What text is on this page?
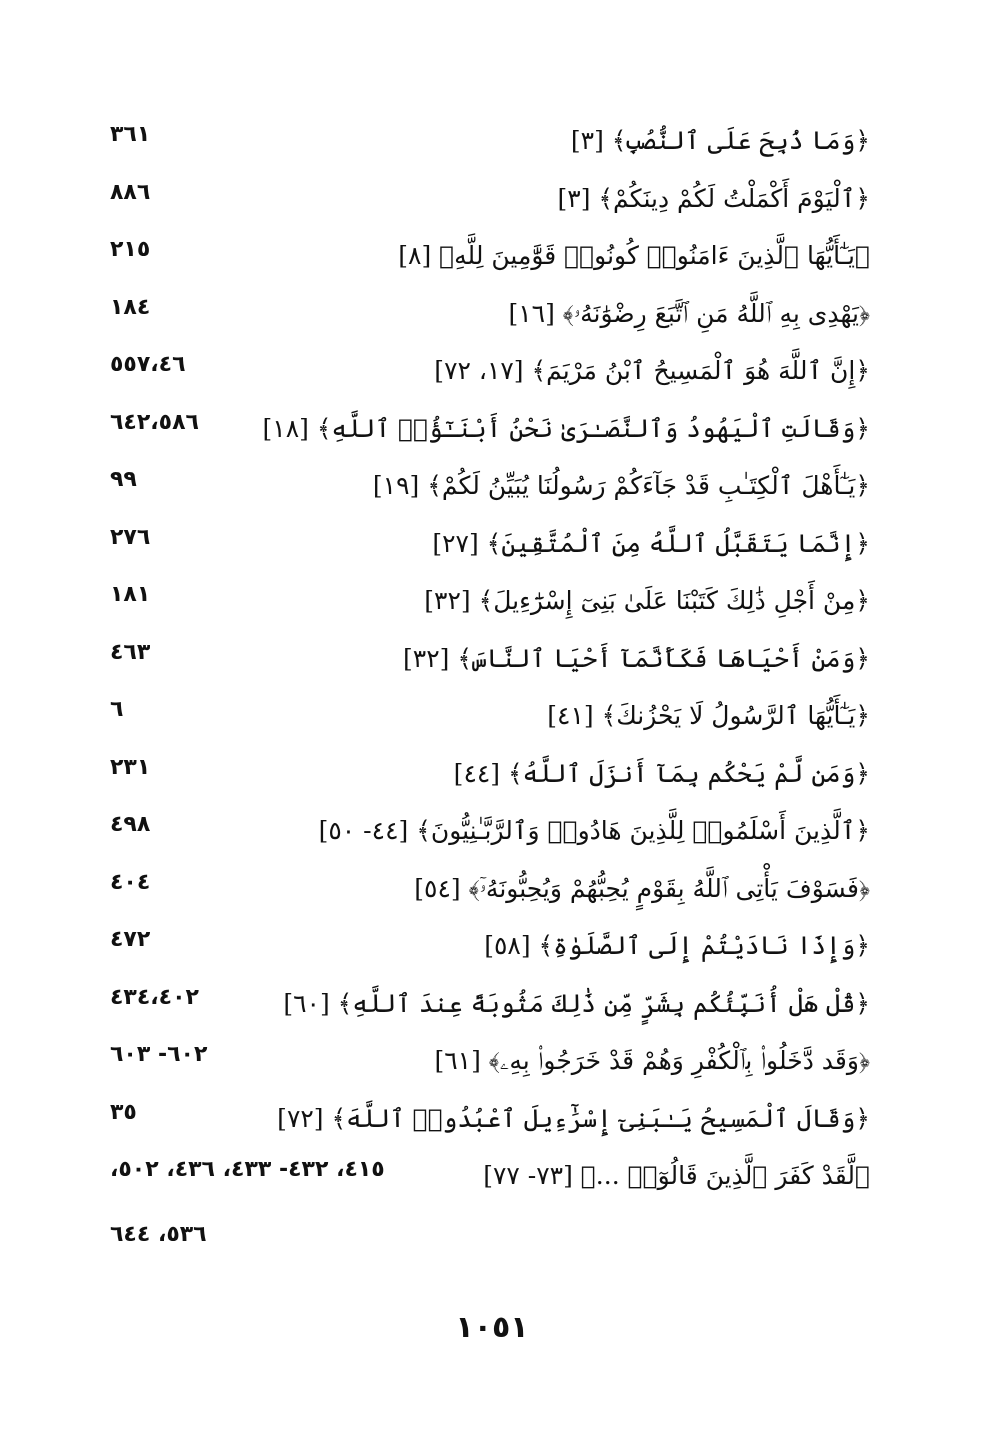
﴿وَمَا ذُبِحَ عَلَى ٱلنُّصُبِ﴾ [٣]
٣٦١
﴿ٱلْيَوْمَ أَكْمَلْتُ لَكُمْ دِينَكُمْ﴾ [٣]
٨٨٦
﴿يَـٰٓأَيُّهَا ٱلَّذِينَ ءَامَنُوا۟ كُونُوا۟ قَوَّٰمِينَ لِلَّهِ﴾ [٨]
٢١٥
﴿يَهْدِى بِهِ ٱللَّهُ مَنِ ٱتَّبَعَ رِضْوَٰنَهُۥ﴾ [١٦]
١٨٤
﴿إِنَّ ٱللَّهَ هُوَ ٱلْمَسِيحُ ٱبْنُ مَرْيَمَ﴾ [١٧، ٧٢]
٥٥٧،٤٦
﴿وَقَالَتِ ٱلْيَهُودُ وَٱلنَّصَـٰرَىٰ نَحْنُ أَبْنَـٰٓؤُا۟ ٱللَّهِ﴾ [١٨]
٦٤٢،٥٨٦
﴿يَـٰٓأَهْلَ ٱلْكِتَـٰبِ قَدْ جَآءَكُمْ رَسُولُنَا يُبَيِّنُ لَكُمْ﴾ [١٩]
٩٩
﴿إِنَّمَا يَتَقَبَّلُ ٱللَّهُ مِنَ ٱلْمُتَّقِينَ﴾ [٢٧]
٢٧٦
﴿مِنْ أَجْلِ ذَٰلِكَ كَتَبْنَا عَلَىٰ بَنِىٓ إِسْرَٰٓءِيلَ﴾ [٣٢]
١٨١
﴿وَمَنْ أَحْيَاهَا فَكَأَنَّمَآ أَحْيَا ٱلنَّاسَ﴾ [٣٢]
٤٦٣
﴿يَـٰٓأَيُّهَا ٱلرَّسُولُ لَا يَحْزُنكَ﴾ [٤١]
٦
﴿وَمَن لَّمْ يَحْكُم بِمَآ أَنزَلَ ٱللَّهُ﴾ [٤٤]
٢٣١
﴿ٱلَّذِينَ أَسْلَمُوا۟ لِلَّذِينَ هَادُوا۟ وَٱلرَّبَّـٰنِيُّونَ﴾ [٤٤- ٥٠]
٤٩٨
﴿فَسَوْفَ يَأْتِى ٱللَّهُ بِقَوْمٍ يُحِبُّهُمْ وَيُحِبُّونَهُۥٓ﴾ [٥٤]
٤٠٤
﴿وَإِذَا نَادَيْتُمْ إِلَى ٱلصَّلَوٰةِ﴾ [٥٨]
٤٧٢
﴿قُلْ هَلْ أُنَبِّئُكُم بِشَرٍّ مِّن ذَٰلِكَ مَثُوبَةً عِندَ ٱللَّهِ﴾ [٦٠]
٤٣٤،٤٠٢
﴿وَقَد دَّخَلُوا۟ بِٱلْكُفْرِ وَهُمْ قَدْ خَرَجُوا۟ بِهِۦ﴾ [٦١]
٦٠٢- ٦٠٣
﴿وَقَالَ ٱلْمَسِيحُ يَـٰبَنِىٓ إِسْرَٰٓءِيلَ ٱعْبُدُوا۟ ٱللَّهَ﴾ [٧٢]
٣٥
﴿لَّقَدْ كَفَرَ ٱلَّذِينَ قَالُوٓا۟ ...﴾ [٧٣- ٧٧]
٤١٥، ٤٣٢- ٤٣٣، ٤٣٦، ٥٠٢،
٥٣٦، ٦٤٤
١٠٥١
